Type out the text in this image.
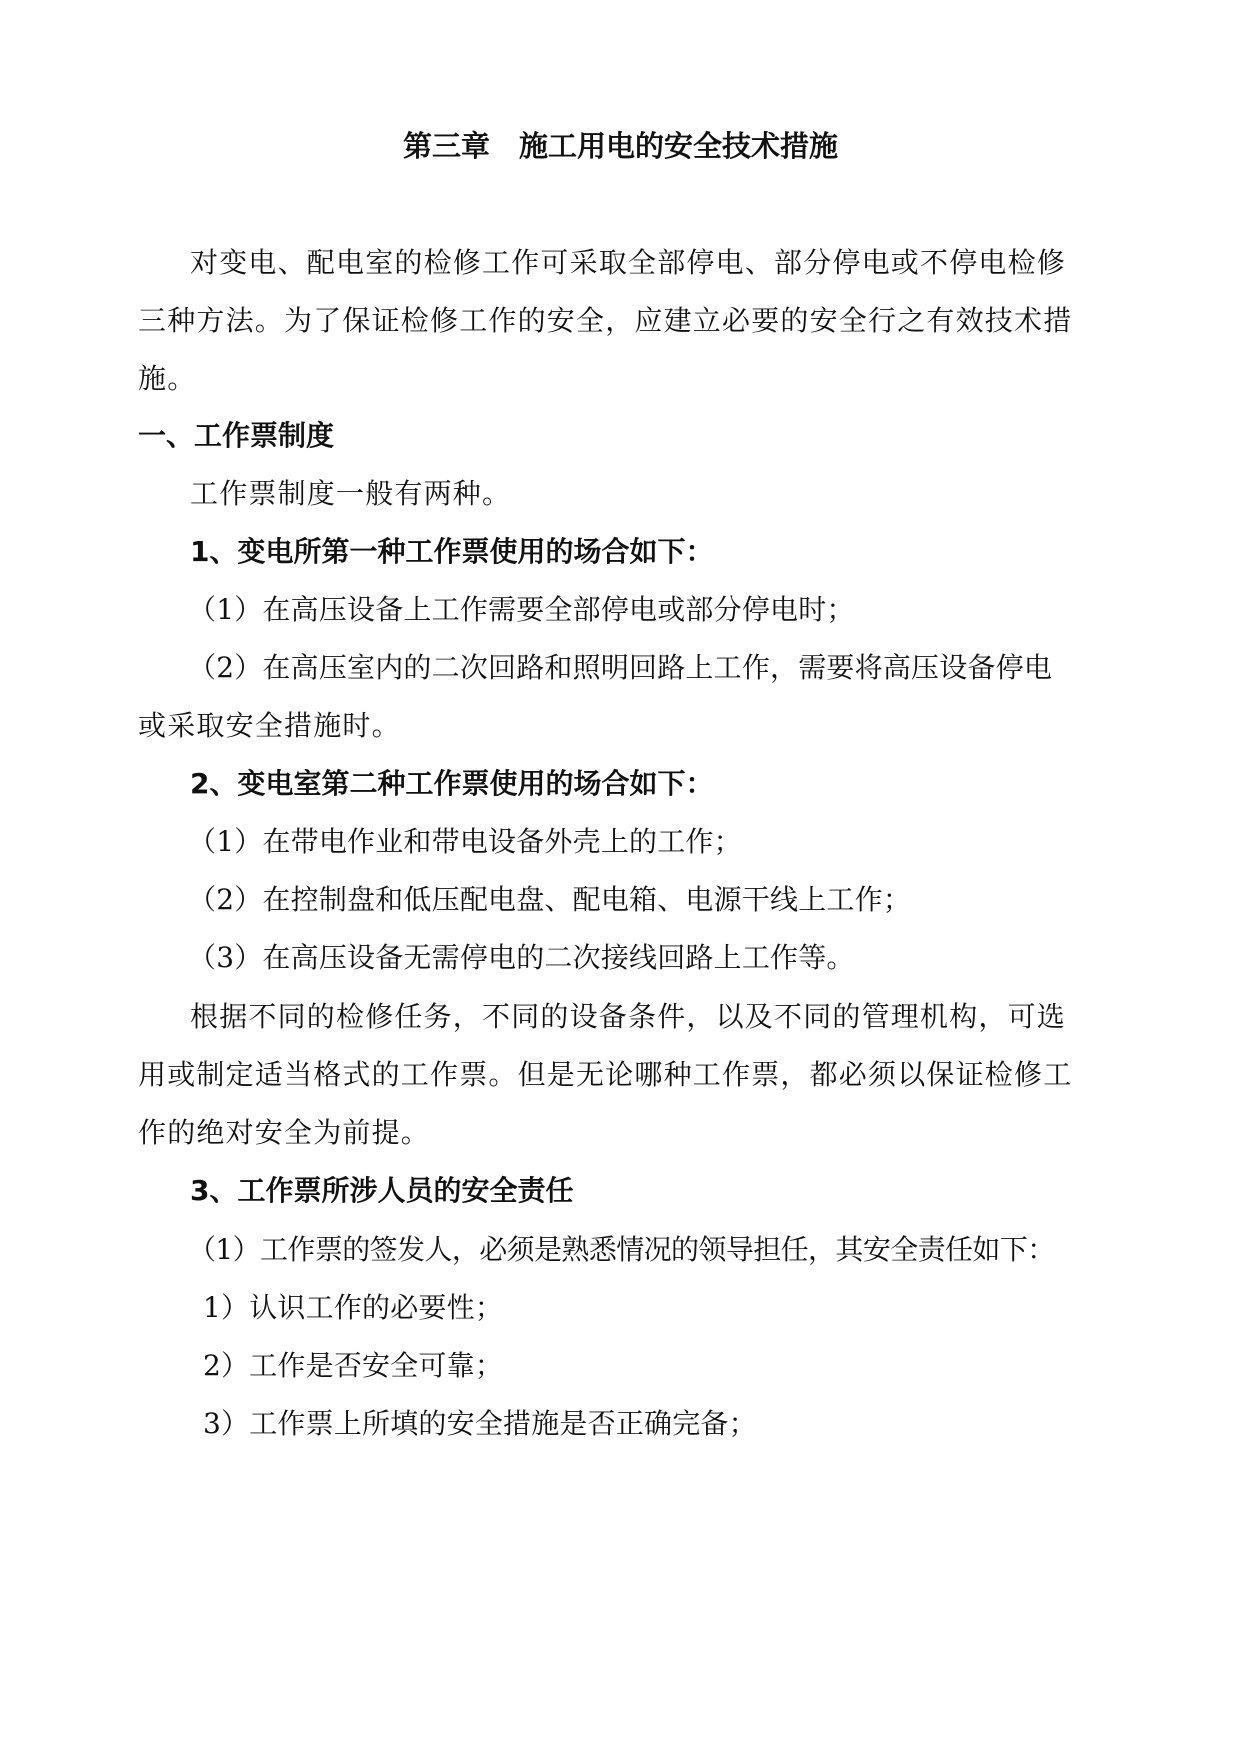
第三章　施工用电的安全技术措施

对变电、配电室的检修工作可采取全部停电、部分停电或不停电检修

三种方法。为了保证检修工作的安全，应建立必要的安全行之有效技术措

施。

一、工作票制度

工作票制度一般有两种。

1、变电所第一种工作票使用的场合如下：

（1）在高压设备上工作需要全部停电或部分停电时；

（2）在高压室内的二次回路和照明回路上工作，需要将高压设备停电

或采取安全措施时。

2、变电室第二种工作票使用的场合如下：

（1）在带电作业和带电设备外壳上的工作；

（2）在控制盘和低压配电盘、配电箱、电源干线上工作；

（3）在高压设备无需停电的二次接线回路上工作等。

根据不同的检修任务，不同的设备条件，以及不同的管理机构，可选

用或制定适当格式的工作票。但是无论哪种工作票，都必须以保证检修工

作的绝对安全为前提。

3、工作票所涉人员的安全责任

（1）工作票的签发人，必须是熟悉情况的领导担任，其安全责任如下：

1）认识工作的必要性；

2）工作是否安全可靠；

3）工作票上所填的安全措施是否正确完备；
